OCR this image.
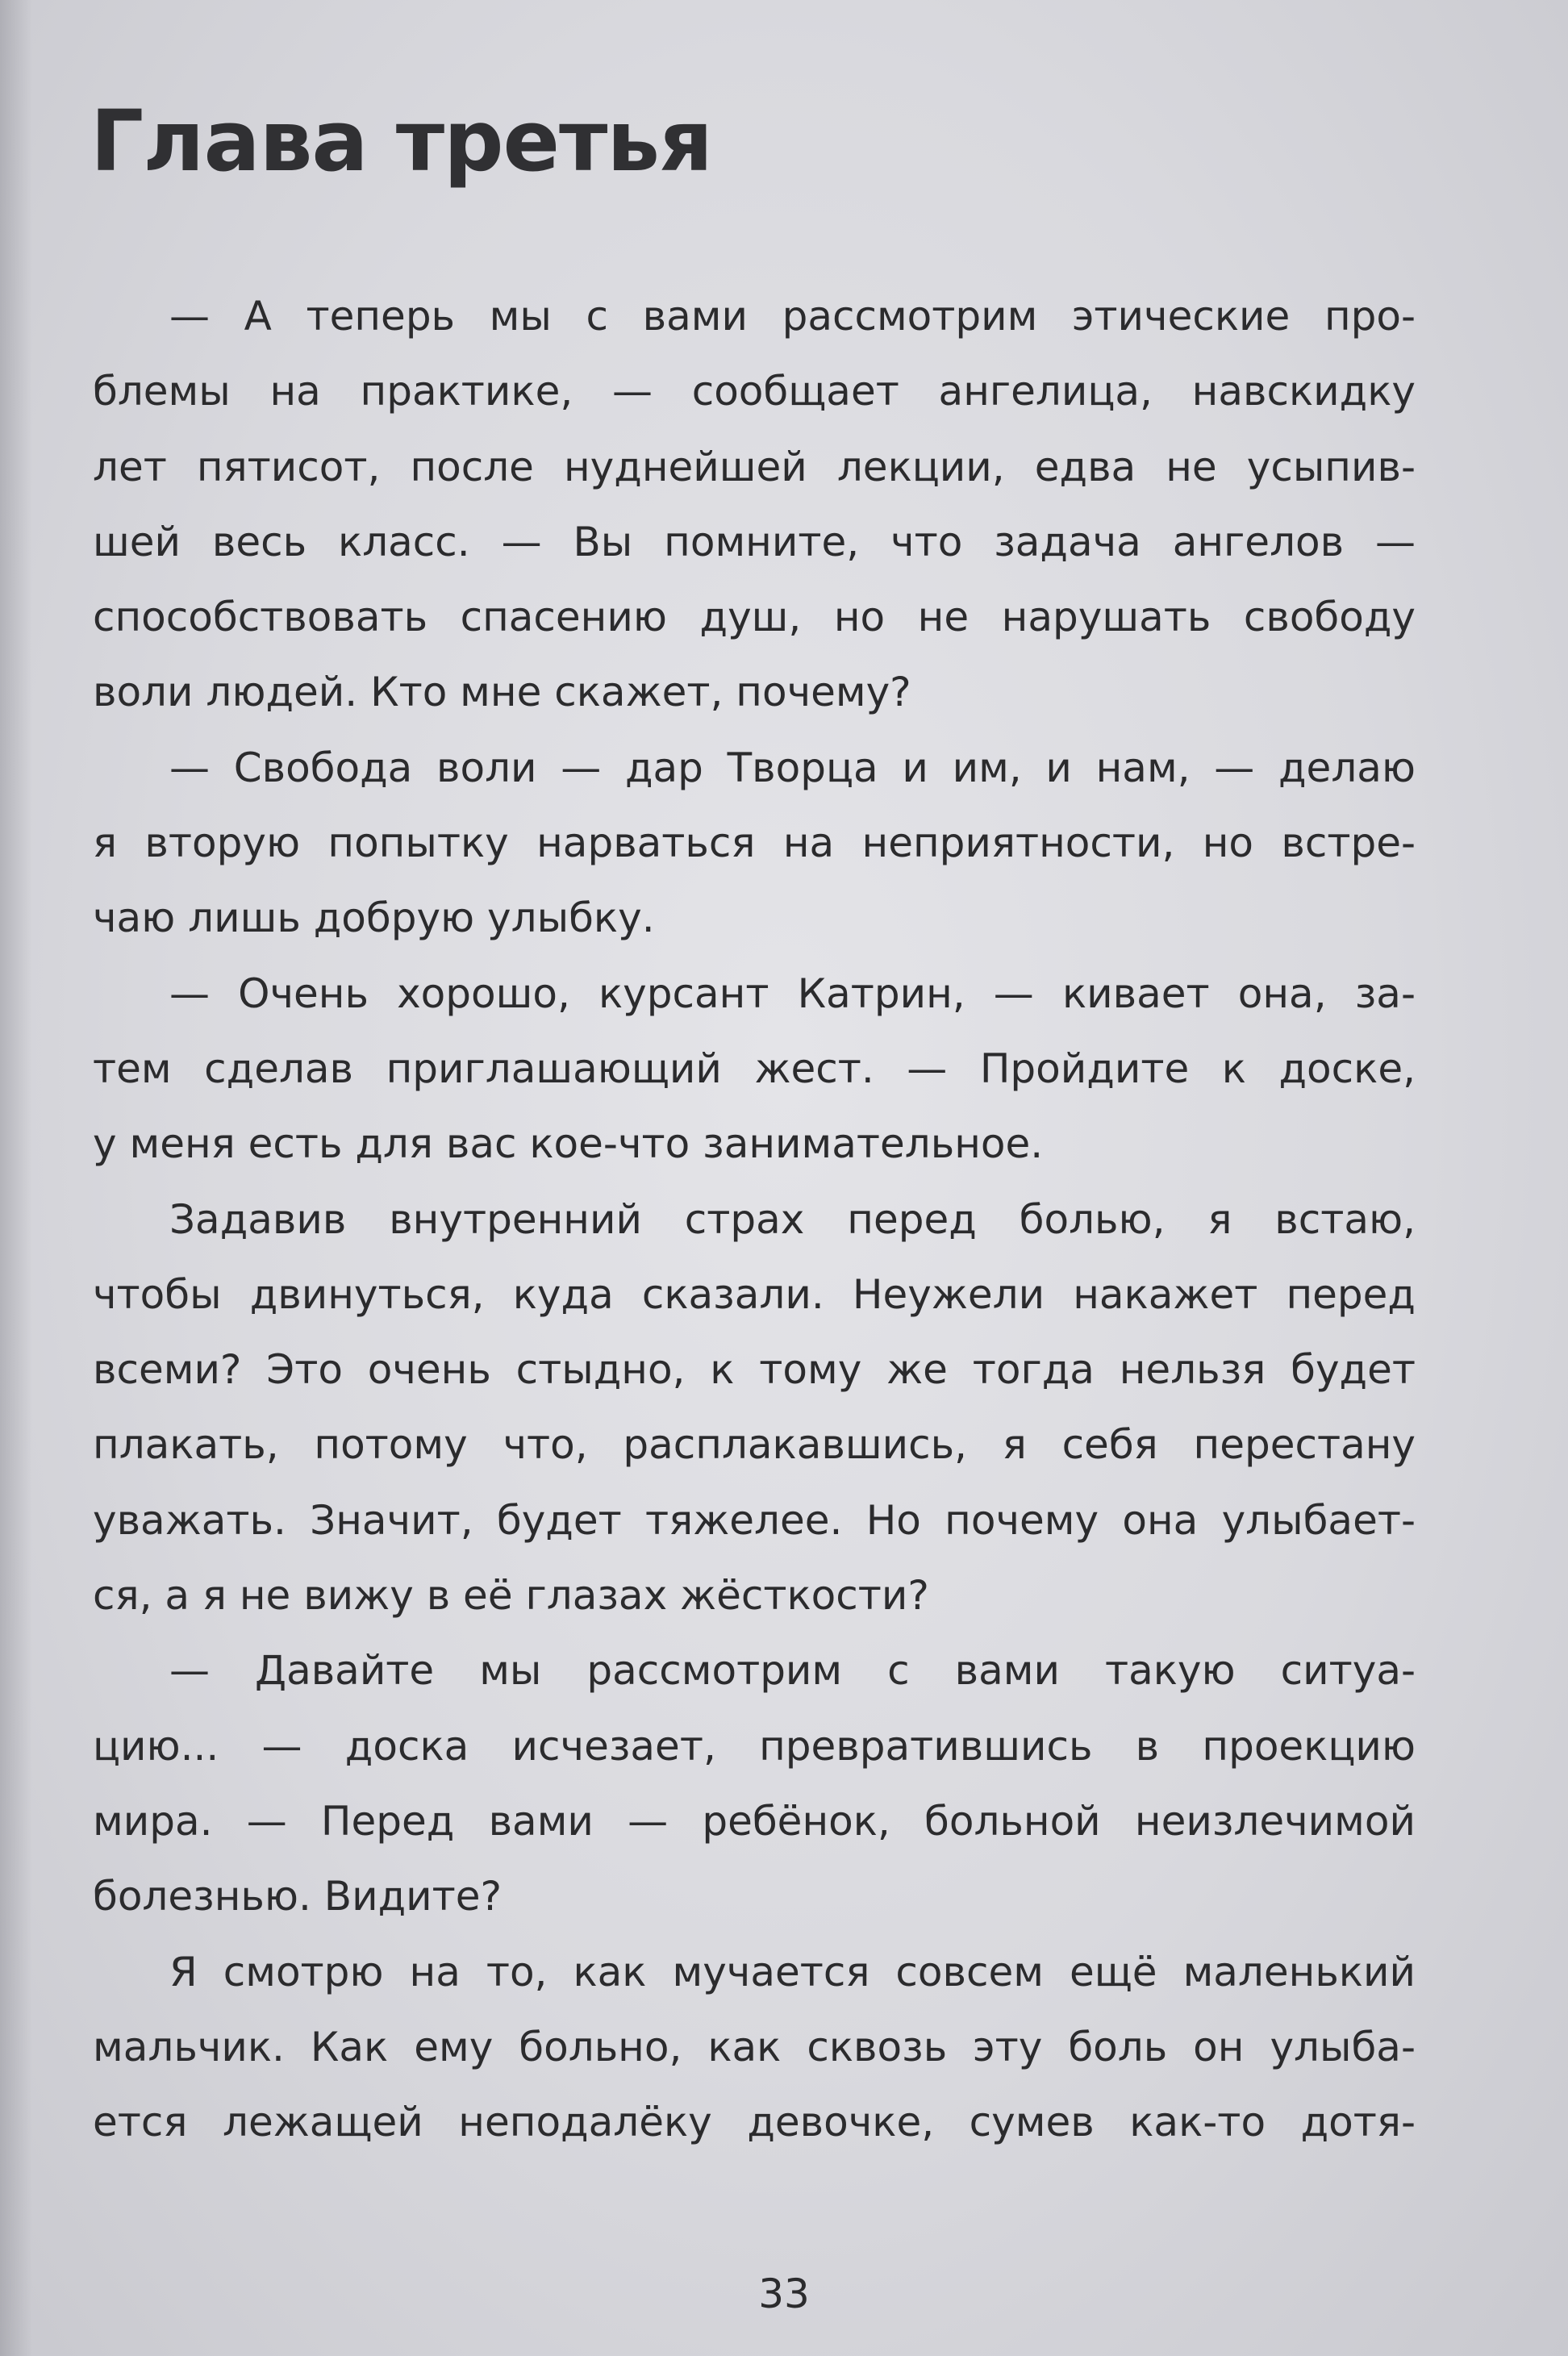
Глава третья
— А теперь мы с вами рассмотрим этические про-
блемы на практике, — сообщает ангелица, навскидку
лет пятисот, после нуднейшей лекции, едва не усыпив-
шей весь класс. — Вы помните, что задача ангелов —
способствовать спасению душ, но не нарушать свободу
воли людей. Кто мне скажет, почему?
— Свобода воли — дар Творца и им, и нам, — делаю
я вторую попытку нарваться на неприятности, но встре-
чаю лишь добрую улыбку.
— Очень хорошо, курсант Катрин, — кивает она, за-
тем сделав приглашающий жест. — Пройдите к доске,
у меня есть для вас кое-что занимательное.
Задавив внутренний страх перед болью, я встаю,
чтобы двинуться, куда сказали. Неужели накажет перед
всеми? Это очень стыдно, к тому же тогда нельзя будет
плакать, потому что, расплакавшись, я себя перестану
уважать. Значит, будет тяжелее. Но почему она улыбает-
ся, а я не вижу в её глазах жёсткости?
— Давайте мы рассмотрим с вами такую ситуа-
цию... — доска исчезает, превратившись в проекцию
мира. — Перед вами — ребёнок, больной неизлечимой
болезнью. Видите?
Я смотрю на то, как мучается совсем ещё маленький
мальчик. Как ему больно, как сквозь эту боль он улыба-
ется лежащей неподалёку девочке, сумев как-то дотя-
33
